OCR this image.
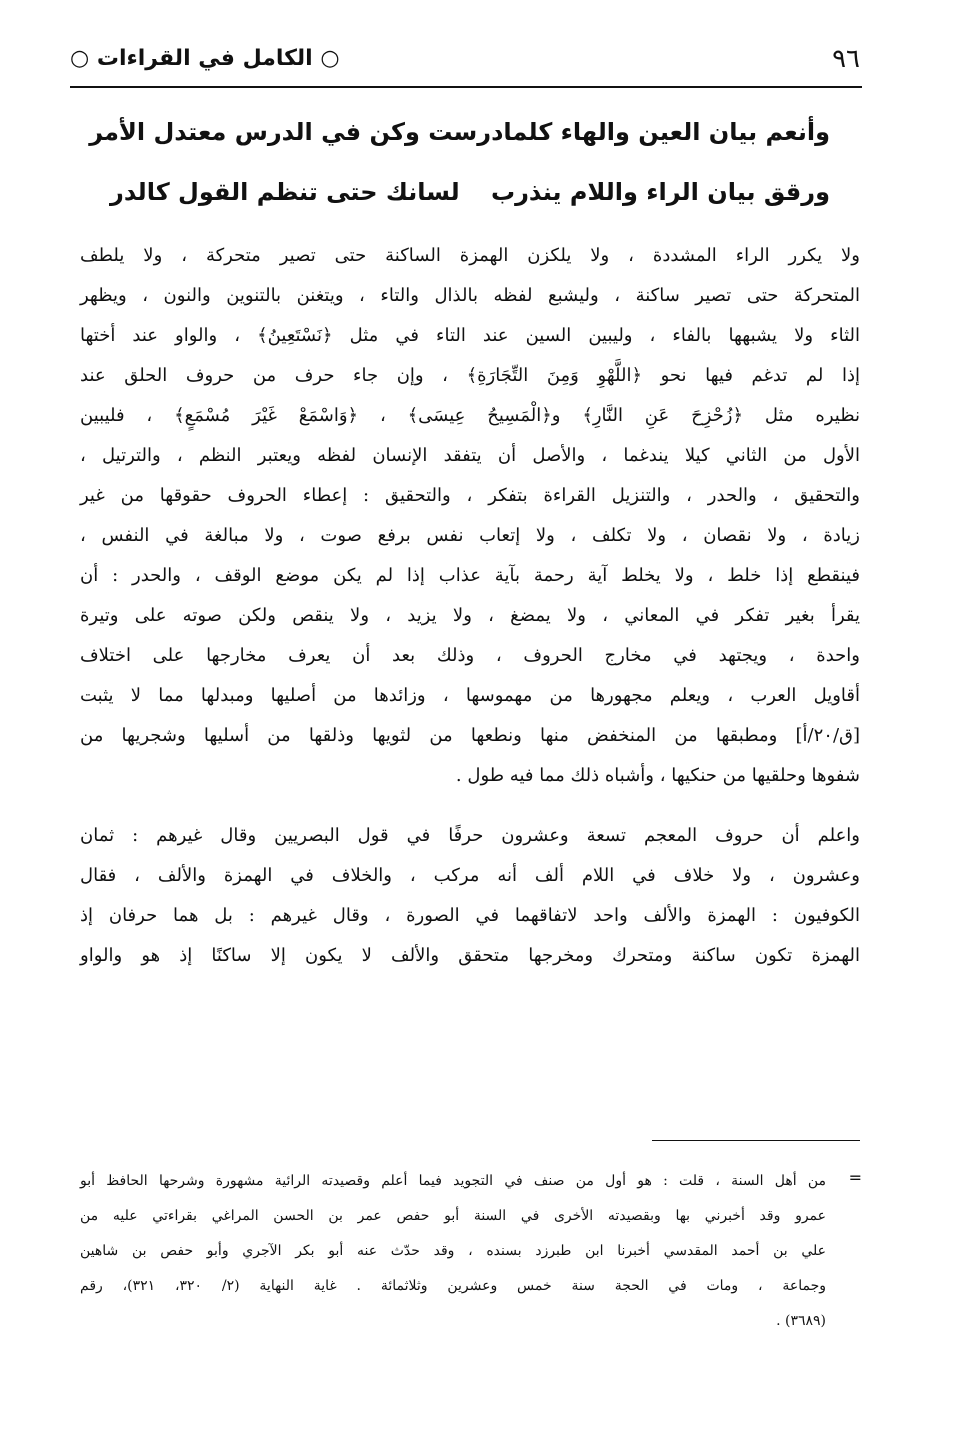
٩٦
○ الكامل في القراءات ○
وأنعم بيان العين والهاء كلما
درست وكن في الدرس معتدل الأمر
ورقق بيان الراء واللام ينذرب
لسانك حتى تنظم القول كالدر
ولا يكرر الراء المشددة ، ولا يلكزن الهمزة الساكنة حتى تصير متحركة ، ولا يلطف
المتحركة حتى تصير ساكنة ، وليشبع لفظه بالذال والتاء ، ويتغنن بالتنوين والنون ، ويظهر
الثاء ولا يشبهها بالفاء ، وليبين السين عند التاء في مثل ﴿نَسْتَعِينُ﴾ ، والواو عند أختها
إذا لم تدغم فيها نحو ﴿اللَّهْوِ وَمِنَ التِّجَارَةِ﴾ ، وإن جاء حرف من حروف الحلق عند
نظيره مثل ﴿زُحْزِحَ عَنِ النَّارِ﴾ و﴿الْمَسِيحُ عِيسَى﴾ ، ﴿وَاسْمَعْ غَيْرَ مُسْمَعٍ﴾ ، فليبين
الأول من الثاني كيلا يندغما ، والأصل أن يتفقد الإنسان لفظه ويعتبر النظم ، والترتيل ،
والتحقيق ، والحدر ، والتنزيل القراءة بتفكر ، والتحقيق : إعطاء الحروف حقوقها من غير
زيادة ، ولا نقصان ، ولا تكلف ، ولا إتعاب نفس برفع صوت ، ولا مبالغة في النفس ،
فينقطع إذا خلط ، ولا يخلط آية رحمة بآية عذاب إذا لم يكن موضع الوقف ، والحدر : أن
يقرأ بغير تفكر في المعاني ، ولا يمضغ ، ولا يزيد ، ولا ينقص ولكن صوته على وتيرة
واحدة ، ويجتهد في مخارج الحروف ، وذلك بعد أن يعرف مخارجها على اختلاف
أقاويل العرب ، ويعلم مجهورها من مهموسها ، وزائدها من أصليها ومبدلها مما لا يثبت
[ق/٢٠/أ] ومطبقها من المنخفض منها ونطعها من لثويها وذلقها من أسليها وشجريها من
شفوها وحلقيها من حنكيها ، وأشباه ذلك مما فيه طول .
واعلم أن حروف المعجم تسعة وعشرون حرفًا في قول البصريين وقال غيرهم : ثمان
وعشرون ، ولا خلاف في اللام ألف أنه مركب ، والخلاف في الهمزة والألف ، فقال
الكوفيون : الهمزة والألف واحد لاتفاقهما في الصورة ، وقال غيرهم : بل هما حرفان إذ
الهمزة تكون ساكنة ومتحرك ومخرجها متحقق والألف لا يكون إلا ساكنًا إذ هو والواو
=
من أهل السنة ، قلت : هو أول من صنف في التجويد فيما أعلم وقصيدته الرائية مشهورة وشرحها الحافظ أبو
عمرو وقد أخبرني بها وبقصيدته الأخرى في السنة أبو حفص عمر بن الحسن المراغي بقراءتي عليه من
علي بن أحمد المقدسي أخبرنا ابن طبرزد بسنده ، وقد حدّث عنه أبو بكر الآجري وأبو حفص بن شاهين
وجماعة ، ومات في الحجة سنة خمس وعشرين وثلاثمائة . غاية النهاية (٢/ ٣٢٠، ٣٢١)، رقم
(٣٦٨٩) .
